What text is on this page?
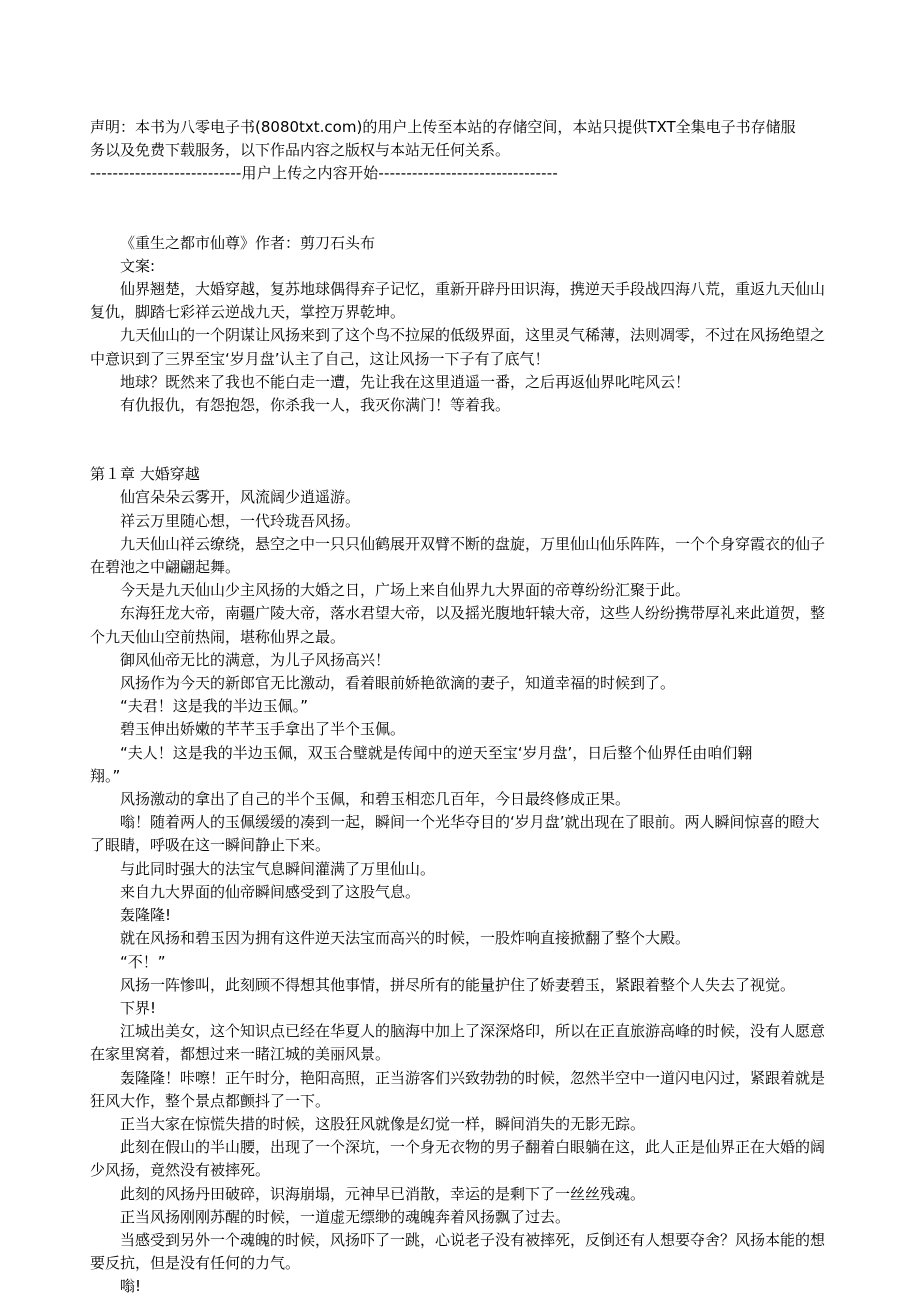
声明：本书为八零电子书(8080txt.com)的用户上传至本站的存储空间，本站只提供TXT全集电子书存储服
务以及免费下载服务，以下作品内容之版权与本站无任何关系。
---------------------------用户上传之内容开始--------------------------------

《重生之都市仙尊》作者：剪刀石头布

文案:

仙界翘楚，大婚穿越，复苏地球偶得弃子记忆，重新开辟丹田识海，携逆天手段战四海八荒，重返九天仙山复仇，脚踏七彩祥云逆战九天，掌控万界乾坤。

九天仙山的一个阴谋让风扬来到了这个鸟不拉屎的低级界面，这里灵气稀薄，法则凋零，不过在风扬绝望之中意识到了三界至宝‘岁月盘’认主了自己，这让风扬一下子有了底气！

地球？既然来了我也不能白走一遭，先让我在这里逍遥一番，之后再返仙界叱咤风云！

有仇报仇，有怨抱怨，你杀我一人，我灭你满门！等着我。

第１章 大婚穿越

仙宫朵朵云雾开，风流阔少逍遥游。

祥云万里随心想，一代玲珑吾风扬。

九天仙山祥云缭绕，悬空之中一只只仙鹤展开双臂不断的盘旋，万里仙山仙乐阵阵，一个个身穿霞衣的仙子在碧池之中翩翩起舞。

今天是九天仙山少主风扬的大婚之日，广场上来自仙界九大界面的帝尊纷纷汇聚于此。

东海狂龙大帝，南疆广陵大帝，落水君望大帝，以及摇光腹地轩辕大帝，这些人纷纷携带厚礼来此道贺，整个九天仙山空前热闹，堪称仙界之最。

御风仙帝无比的满意，为儿子风扬高兴！

风扬作为今天的新郎官无比激动，看着眼前娇艳欲滴的妻子，知道幸福的时候到了。

“夫君！这是我的半边玉佩。”

碧玉伸出娇嫩的芊芊玉手拿出了半个玉佩。

“夫人！这是我的半边玉佩，双玉合璧就是传闻中的逆天至宝‘岁月盘’，日后整个仙界任由咱们翱

翔。”

风扬激动的拿出了自己的半个玉佩，和碧玉相恋几百年，今日最终修成正果。

嗡！随着两人的玉佩缓缓的凑到一起，瞬间一个光华夺目的‘岁月盘’就出现在了眼前。两人瞬间惊喜的瞪大了眼睛，呼吸在这一瞬间静止下来。

与此同时强大的法宝气息瞬间灌满了万里仙山。

来自九大界面的仙帝瞬间感受到了这股气息。

轰隆隆!

就在风扬和碧玉因为拥有这件逆天法宝而高兴的时候，一股炸响直接掀翻了整个大殿。

“不！”

风扬一阵惨叫，此刻顾不得想其他事情，拼尽所有的能量护住了娇妻碧玉，紧跟着整个人失去了视觉。

下界!

江城出美女，这个知识点已经在华夏人的脑海中加上了深深烙印，所以在正直旅游高峰的时候，没有人愿意在家里窝着，都想过来一睹江城的美丽风景。

轰隆隆！咔嚓！正午时分，艳阳高照，正当游客们兴致勃勃的时候，忽然半空中一道闪电闪过，紧跟着就是狂风大作，整个景点都颤抖了一下。

正当大家在惊慌失措的时候，这股狂风就像是幻觉一样，瞬间消失的无影无踪。

此刻在假山的半山腰，出现了一个深坑，一个身无衣物的男子翻着白眼躺在这，此人正是仙界正在大婚的阔少风扬，竟然没有被摔死。

此刻的风扬丹田破碎，识海崩塌，元神早已消散，幸运的是剩下了一丝丝残魂。

正当风扬刚刚苏醒的时候，一道虚无缥缈的魂魄奔着风扬飘了过去。

当感受到另外一个魂魄的时候，风扬吓了一跳，心说老子没有被摔死，反倒还有人想要夺舍？风扬本能的想要反抗，但是没有任何的力气。

嗡!
